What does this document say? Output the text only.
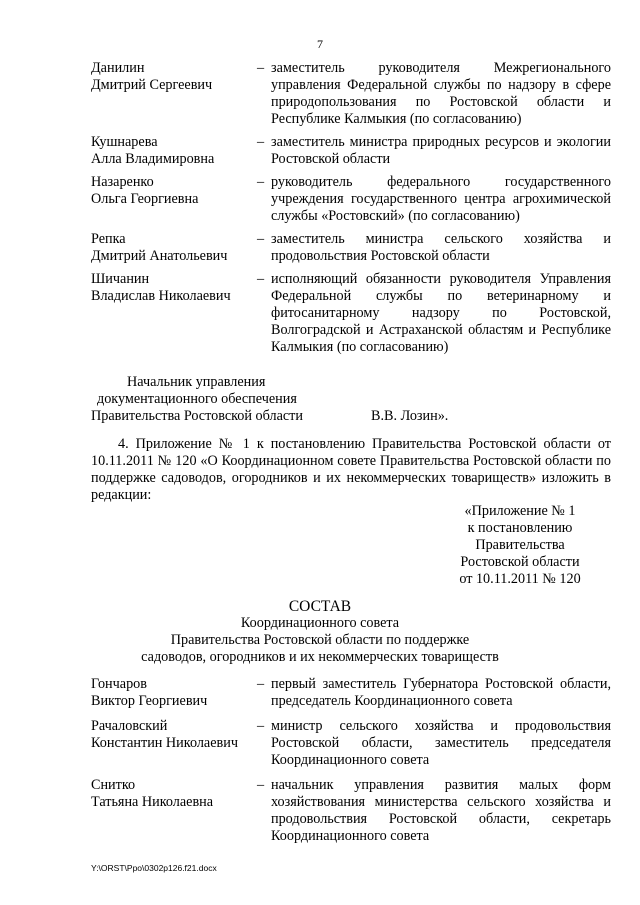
7
Данилин
Дмитрий Сергеевич
– заместитель руководителя Межрегионального управления Федеральной службы по надзору в сфере природопользования по Ростовской области и Республике Калмыкия (по согласованию)
Кушнарева
Алла Владимировна
– заместитель министра природных ресурсов и экологии Ростовской области
Назаренко
Ольга Георгиевна
– руководитель федерального государственного учреждения государственного центра агрохимической службы «Ростовский» (по согласованию)
Репка
Дмитрий Анатольевич
– заместитель министра сельского хозяйства и продовольствия Ростовской области
Шичанин
Владислав Николаевич
– исполняющий обязанности руководителя Управления Федеральной службы по ветеринарному и фитосанитарному надзору по Ростовской, Волгоградской и Астраханской областям и Республике Калмыкия (по согласованию)
Начальник управления
документационного обеспечения
Правительства Ростовской области	В.В. Лозин».
4. Приложение № 1 к постановлению Правительства Ростовской области от 10.11.2011 № 120 «О Координационном совете Правительства Ростовской области по поддержке садоводов, огородников и их некоммерческих товариществ» изложить в редакции:
«Приложение № 1
к постановлению
Правительства
Ростовской области
от 10.11.2011 № 120
СОСТАВ
Координационного совета
Правительства Ростовской области по поддержке
садоводов, огородников и их некоммерческих товариществ
Гончаров
Виктор Георгиевич
– первый заместитель Губернатора Ростовской области, председатель Координационного совета
Рачаловский
Константин Николаевич
– министр сельского хозяйства и продовольствия Ростовской области, заместитель председателя Координационного совета
Снитко
Татьяна Николаевна
– начальник управления развития малых форм хозяйствования министерства сельского хозяйства и продовольствия Ростовской области, секретарь Координационного совета
Y:\ORST\Ppo\0302p126.f21.docx
